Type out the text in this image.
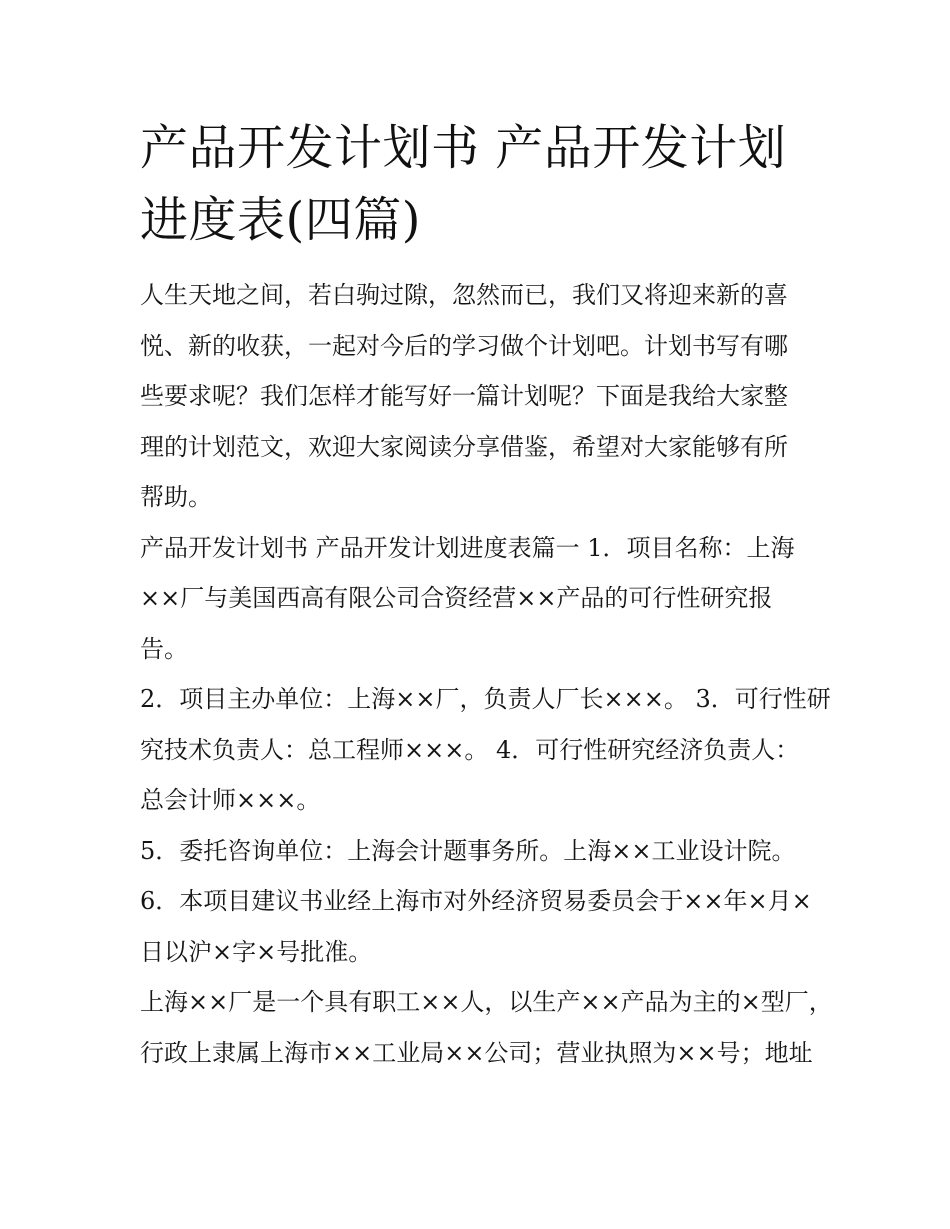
产品开发计划书 产品开发计划
进度表(四篇)

人生天地之间，若白驹过隙，忽然而已，我们又将迎来新的喜
悦、新的收获，一起对今后的学习做个计划吧。计划书写有哪
些要求呢？我们怎样才能写好一篇计划呢？下面是我给大家整
理的计划范文，欢迎大家阅读分享借鉴，希望对大家能够有所
帮助。

产品开发计划书 产品开发计划进度表篇一 1．项目名称：上海
××厂与美国西高有限公司合资经营××产品的可行性研究报
告。

2．项目主办单位：上海××厂，负责人厂长×××。 3．可行性研
究技术负责人：总工程师×××。 4．可行性研究经济负责人：
总会计师×××。

5．委托咨询单位：上海会计题事务所。上海××工业设计院。

6．本项目建议书业经上海市对外经济贸易委员会于××年×月×
日以沪×字×号批准。

上海××厂是一个具有职工××人，以生产××产品为主的×型厂，
行政上隶属上海市××工业局××公司；营业执照为××号；地址
